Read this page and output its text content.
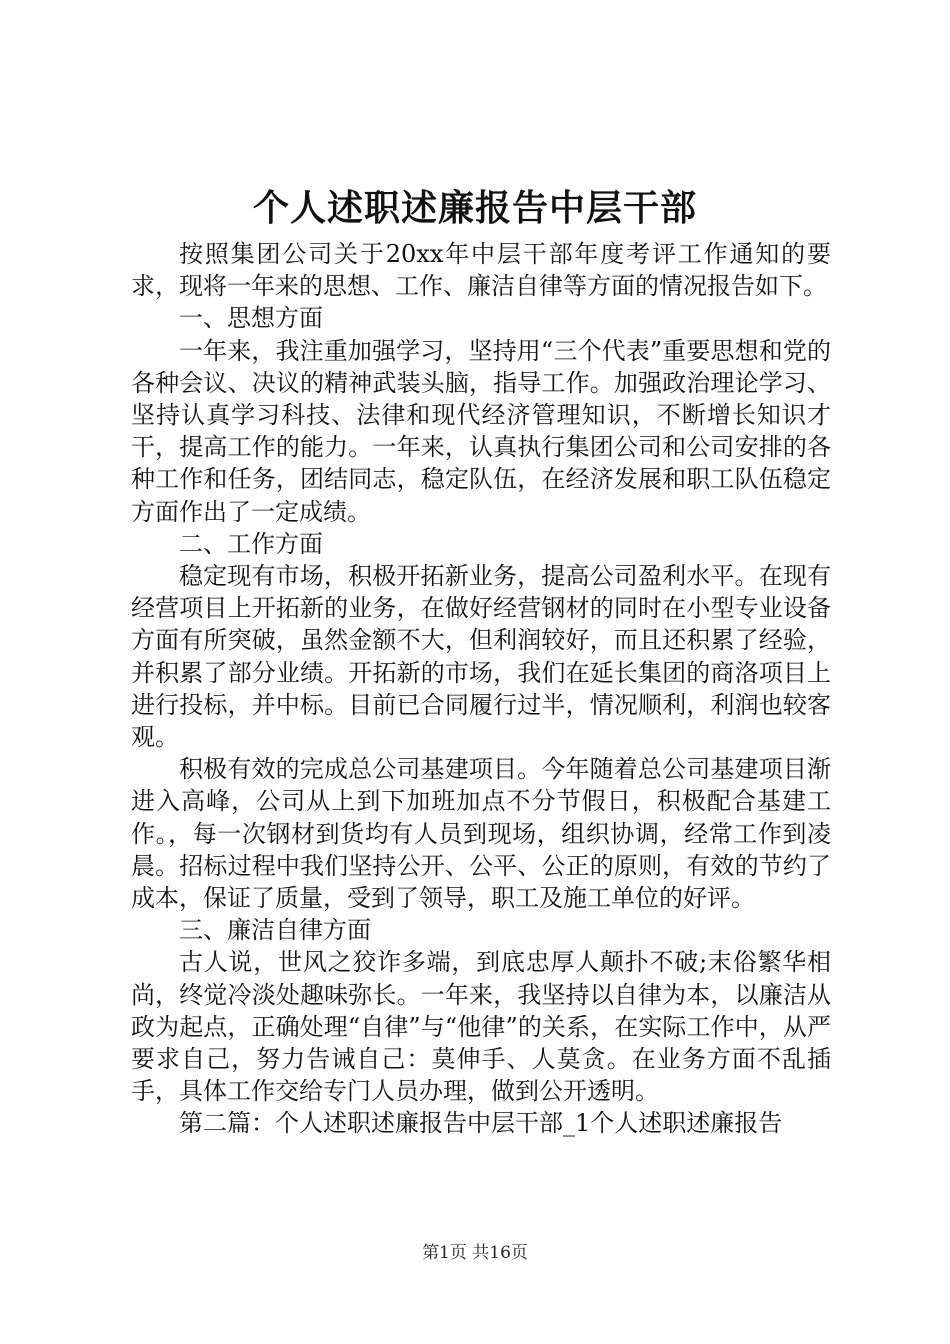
个人述职述廉报告中层干部

按照集团公司关于20xx年中层干部年度考评工作通知的要求，现将一年来的思想、工作、廉洁自律等方面的情况报告如下。

一、思想方面

一年来，我注重加强学习，坚持用“三个代表”重要思想和党的各种会议、决议的精神武装头脑，指导工作。加强政治理论学习、坚持认真学习科技、法律和现代经济管理知识，不断增长知识才干，提高工作的能力。一年来，认真执行集团公司和公司安排的各种工作和任务，团结同志，稳定队伍，在经济发展和职工队伍稳定方面作出了一定成绩。

二、工作方面

稳定现有市场，积极开拓新业务，提高公司盈利水平。在现有经营项目上开拓新的业务，在做好经营钢材的同时在小型专业设备方面有所突破，虽然金额不大，但利润较好，而且还积累了经验，并积累了部分业绩。开拓新的市场，我们在延长集团的商洛项目上进行投标，并中标。目前已合同履行过半，情况顺利，利润也较客观。

积极有效的完成总公司基建项目。今年随着总公司基建项目渐进入高峰，公司从上到下加班加点不分节假日，积极配合基建工作。，每一次钢材到货均有人员到现场，组织协调，经常工作到凌晨。招标过程中我们坚持公开、公平、公正的原则，有效的节约了成本，保证了质量，受到了领导，职工及施工单位的好评。

三、廉洁自律方面

古人说，世风之狡诈多端，到底忠厚人颠扑不破;末俗繁华相尚，终觉冷淡处趣味弥长。一年来，我坚持以自律为本，以廉洁从政为起点，正确处理“自律”与“他律”的关系，在实际工作中，从严要求自己，努力告诫自己：莫伸手、人莫贪。在业务方面不乱插手，具体工作交给专门人员办理，做到公开透明。

第二篇：个人述职述廉报告中层干部_1个人述职述廉报告

第1页 共16页
